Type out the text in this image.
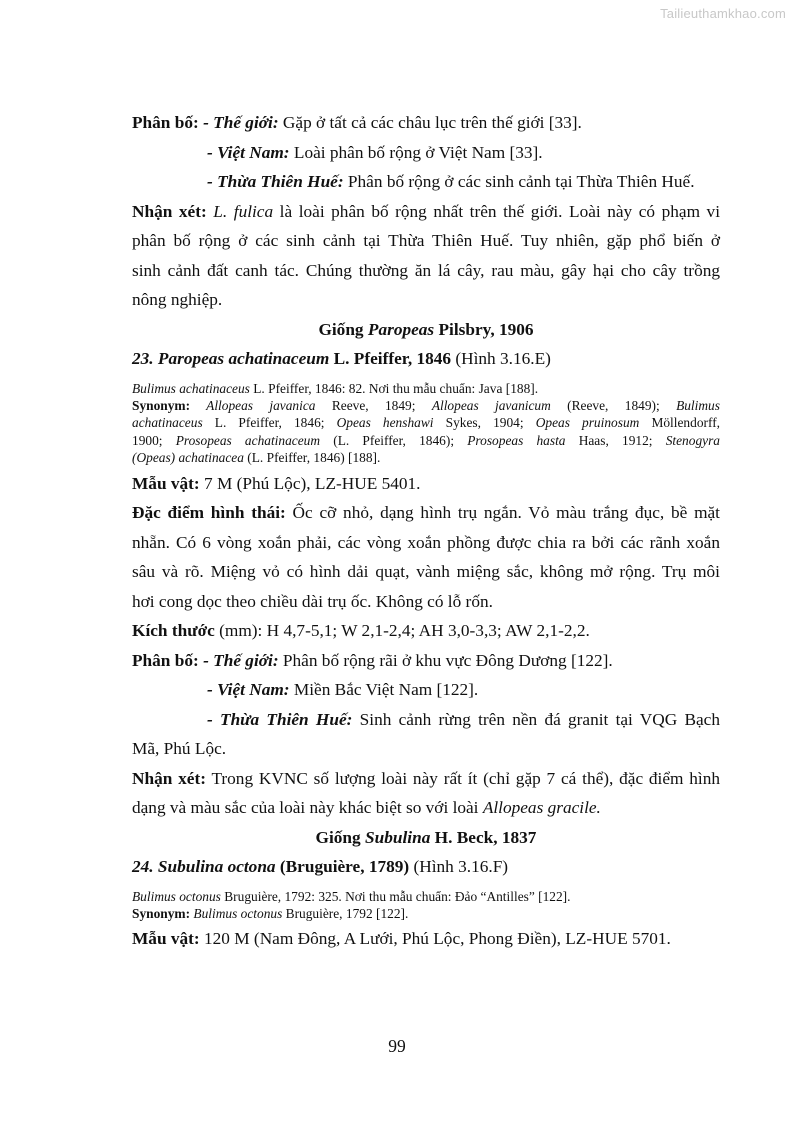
Tailieuthamkhao.com
Phân bố: - Thế giới: Gặp ở tất cả các châu lục trên thế giới [33].
- Việt Nam: Loài phân bố rộng ở Việt Nam [33].
- Thừa Thiên Huế: Phân bố rộng ở các sinh cảnh tại Thừa Thiên Huế.
Nhận xét: L. fulica là loài phân bố rộng nhất trên thế giới. Loài này có phạm vi
phân bố rộng ở các sinh cảnh tại Thừa Thiên Huế. Tuy nhiên, gặp phổ biến ở
sinh cảnh đất canh tác. Chúng thường ăn lá cây, rau màu, gây hại cho cây trồng
nông nghiệp.
Giống Paropeas Pilsbry, 1906
23. Paropeas achatinaceum L. Pfeiffer, 1846 (Hình 3.16.E)
Bulimus achatinaceus L. Pfeiffer, 1846: 82. Nơi thu mẫu chuẩn: Java [188].
Synonym: Allopeas javanica Reeve, 1849; Allopeas javanicum (Reeve, 1849); Bulimus
achatinaceus L. Pfeiffer, 1846; Opeas henshawi Sykes, 1904; Opeas pruinosum Möllendorff,
1900; Prosopeas achatinaceum (L. Pfeiffer, 1846); Prosopeas hasta Haas, 1912; Stenogyra
(Opeas) achatinacea (L. Pfeiffer, 1846) [188].
Mẫu vật: 7 M (Phú Lộc), LZ-HUE 5401.
Đặc điểm hình thái: Ốc cỡ nhỏ, dạng hình trụ ngắn. Vỏ màu trắng đục, bề mặt
nhẵn. Có 6 vòng xoắn phải, các vòng xoắn phồng được chia ra bởi các rãnh xoắn
sâu và rõ. Miệng vỏ có hình dải quạt, vành miệng sắc, không mở rộng. Trụ môi
hơi cong dọc theo chiều dài trụ ốc. Không có lỗ rốn.
Kích thước (mm): H 4,7-5,1; W 2,1-2,4; AH 3,0-3,3; AW 2,1-2,2.
Phân bố: - Thế giới: Phân bố rộng rãi ở khu vực Đông Dương [122].
- Việt Nam: Miền Bắc Việt Nam [122].
- Thừa Thiên Huế: Sinh cảnh rừng trên nền đá granit tại VQG Bạch
Mã, Phú Lộc.
Nhận xét: Trong KVNC số lượng loài này rất ít (chỉ gặp 7 cá thể), đặc điểm hình
dạng và màu sắc của loài này khác biệt so với loài Allopeas gracile.
Giống Subulina H. Beck, 1837
24. Subulina octona (Bruguière, 1789) (Hình 3.16.F)
Bulimus octonus Bruguière, 1792: 325. Nơi thu mẫu chuẩn: Đảo “Antilles” [122].
Synonym: Bulimus octonus Bruguière, 1792 [122].
Mẫu vật: 120 M (Nam Đông, A Lưới, Phú Lộc, Phong Điền), LZ-HUE 5701.
99
